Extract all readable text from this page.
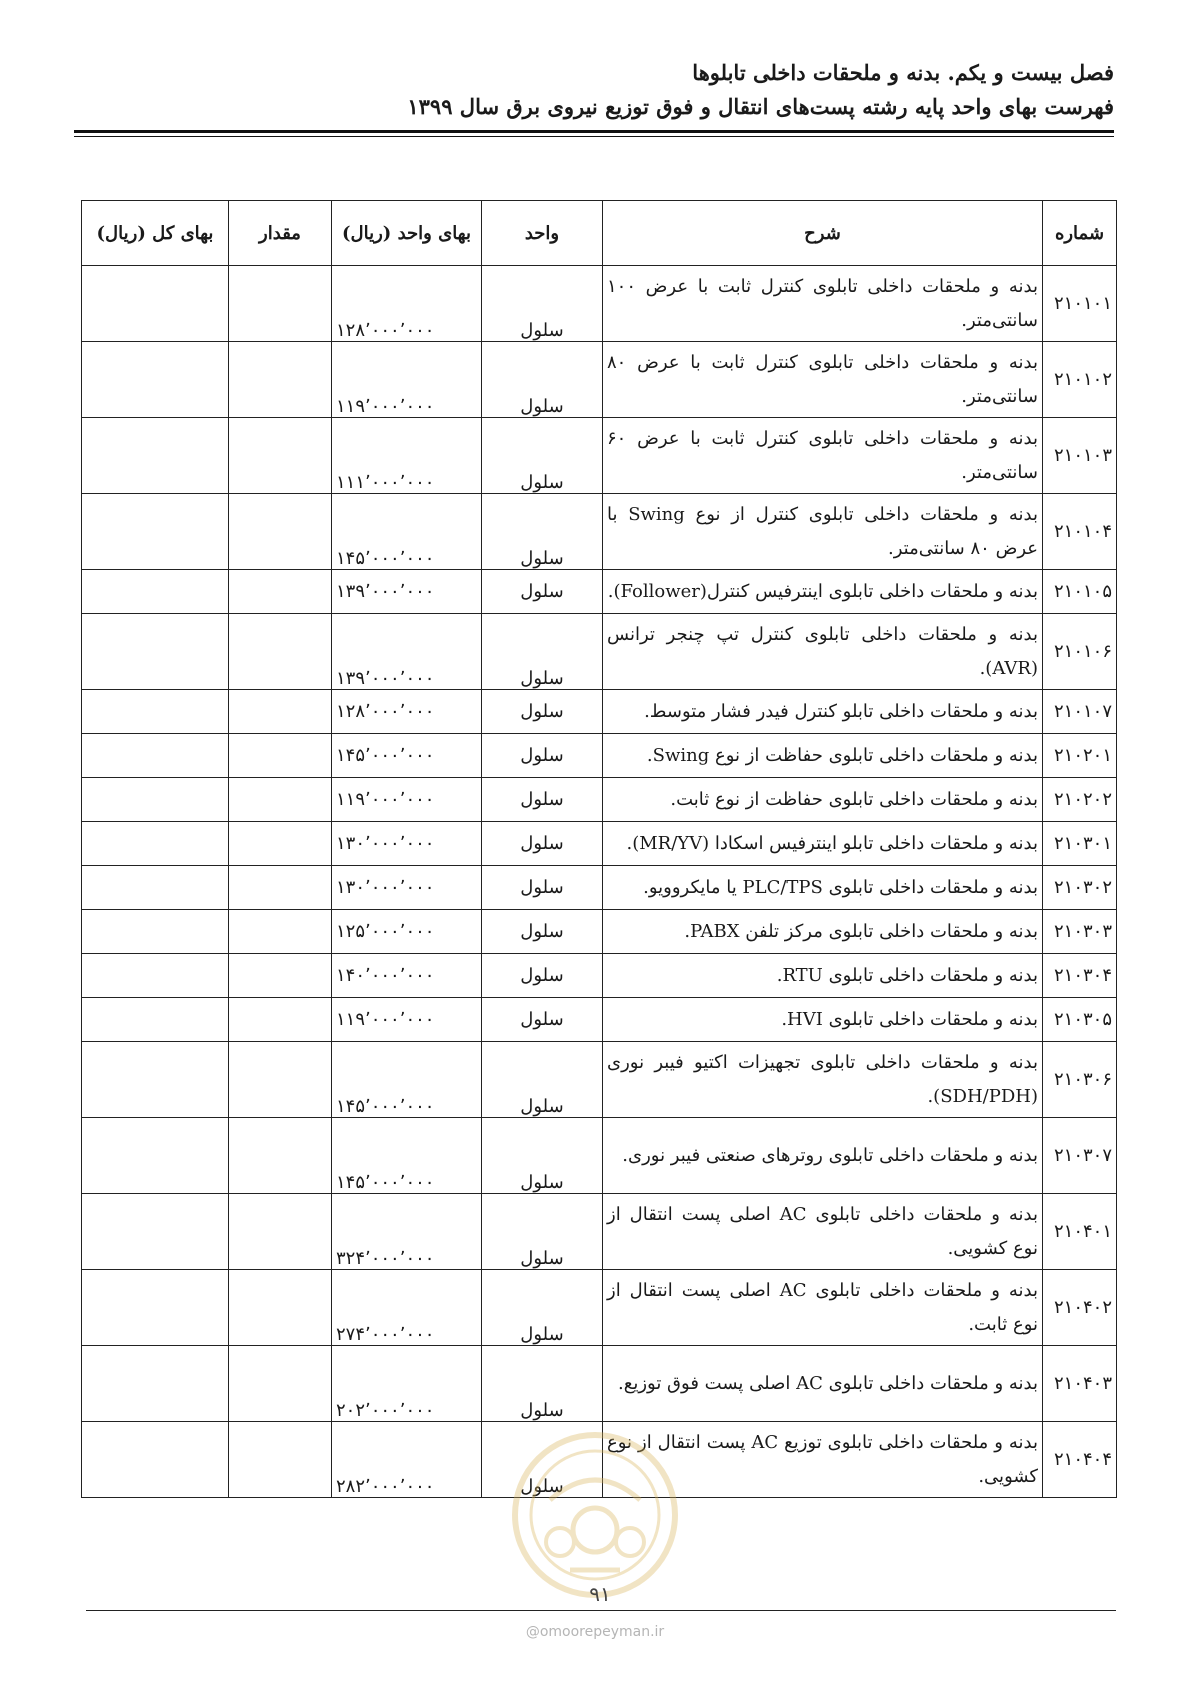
فصل بیست و یکم. بدنه و ملحقات داخلی تابلوها
فهرست بهای واحد پایه رشته پست‌های انتقال و فوق توزیع نیروی برق سال ۱۳۹۹
شماره	شرح	واحد	بهای واحد (ریال)	مقدار	بهای کل (ریال)
۲۱۰۱۰۱	بدنه و ملحقات داخلی تابلوی کنترل ثابت با عرض ۱۰۰ سانتی‌متر.	سلول	۱۲۸٬۰۰۰٬۰۰۰		
۲۱۰۱۰۲	بدنه و ملحقات داخلی تابلوی کنترل ثابت با عرض ۸۰ سانتی‌متر.	سلول	۱۱۹٬۰۰۰٬۰۰۰		
۲۱۰۱۰۳	بدنه و ملحقات داخلی تابلوی کنترل ثابت با عرض ۶۰ سانتی‌متر.	سلول	۱۱۱٬۰۰۰٬۰۰۰		
۲۱۰۱۰۴	بدنه و ملحقات داخلی تابلوی کنترل از نوع Swing با عرض ۸۰ سانتی‌متر.	سلول	۱۴۵٬۰۰۰٬۰۰۰		
۲۱۰۱۰۵	بدنه و ملحقات داخلی تابلوی اینترفیس کنترل(Follower).	سلول	۱۳۹٬۰۰۰٬۰۰۰		
۲۱۰۱۰۶	بدنه و ملحقات داخلی تابلوی کنترل تپ چنجر ترانس (AVR).	سلول	۱۳۹٬۰۰۰٬۰۰۰		
۲۱۰۱۰۷	بدنه و ملحقات داخلی تابلو کنترل فیدر فشار متوسط.	سلول	۱۲۸٬۰۰۰٬۰۰۰		
۲۱۰۲۰۱	بدنه و ملحقات داخلی تابلوی حفاظت از نوع Swing.	سلول	۱۴۵٬۰۰۰٬۰۰۰		
۲۱۰۲۰۲	بدنه و ملحقات داخلی تابلوی حفاظت از نوع ثابت.	سلول	۱۱۹٬۰۰۰٬۰۰۰		
۲۱۰۳۰۱	بدنه و ملحقات داخلی تابلو اینترفیس اسکادا (MR/YV).	سلول	۱۳۰٬۰۰۰٬۰۰۰		
۲۱۰۳۰۲	بدنه و ملحقات داخلی تابلوی PLC/TPS یا مایکروویو.	سلول	۱۳۰٬۰۰۰٬۰۰۰		
۲۱۰۳۰۳	بدنه و ملحقات داخلی تابلوی مرکز تلفن PABX.	سلول	۱۲۵٬۰۰۰٬۰۰۰		
۲۱۰۳۰۴	بدنه و ملحقات داخلی تابلوی RTU.	سلول	۱۴۰٬۰۰۰٬۰۰۰		
۲۱۰۳۰۵	بدنه و ملحقات داخلی تابلوی HVI.	سلول	۱۱۹٬۰۰۰٬۰۰۰		
۲۱۰۳۰۶	بدنه و ملحقات داخلی تابلوی تجهیزات اکتیو فیبر نوری (SDH/PDH).	سلول	۱۴۵٬۰۰۰٬۰۰۰		
۲۱۰۳۰۷	بدنه و ملحقات داخلی تابلوی روترهای صنعتی فیبر نوری.	سلول	۱۴۵٬۰۰۰٬۰۰۰		
۲۱۰۴۰۱	بدنه و ملحقات داخلی تابلوی AC اصلی پست انتقال از نوع کشویی.	سلول	۳۲۴٬۰۰۰٬۰۰۰		
۲۱۰۴۰۲	بدنه و ملحقات داخلی تابلوی AC اصلی پست انتقال از نوع ثابت.	سلول	۲۷۴٬۰۰۰٬۰۰۰		
۲۱۰۴۰۳	بدنه و ملحقات داخلی تابلوی AC اصلی پست فوق توزیع.	سلول	۲۰۲٬۰۰۰٬۰۰۰		
۲۱۰۴۰۴	بدنه و ملحقات داخلی تابلوی توزیع AC پست انتقال از نوع کشویی.	سلول	۲۸۲٬۰۰۰٬۰۰۰		
۹۱
@omoorepeyman.ir
